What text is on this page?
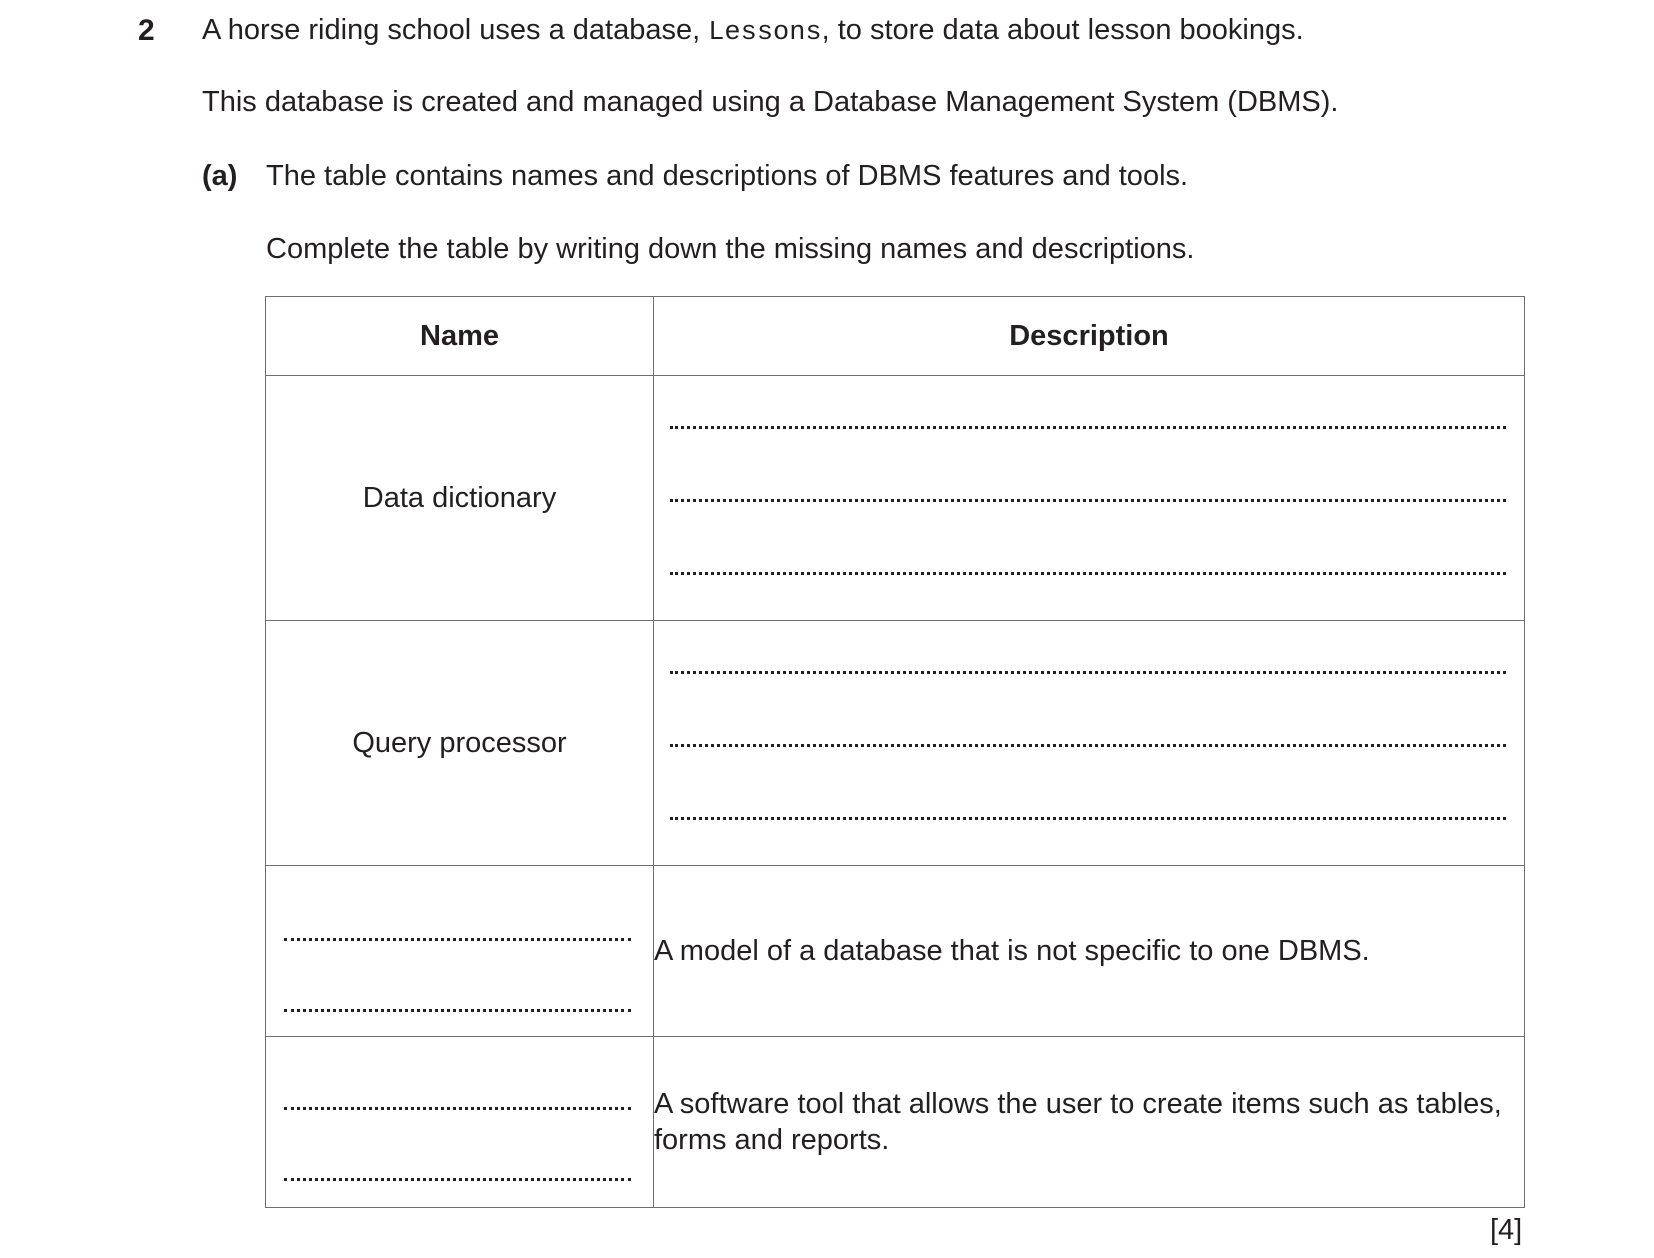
2 A horse riding school uses a database, Lessons, to store data about lesson bookings.
This database is created and managed using a Database Management System (DBMS).
(a) The table contains names and descriptions of DBMS features and tools.
Complete the table by writing down the missing names and descriptions.
Name	Description
Data dictionary	

Query processor	

	A model of a database that is not specific to one DBMS.

	A software tool that allows the user to create items such as tables, forms and reports.
[4]
